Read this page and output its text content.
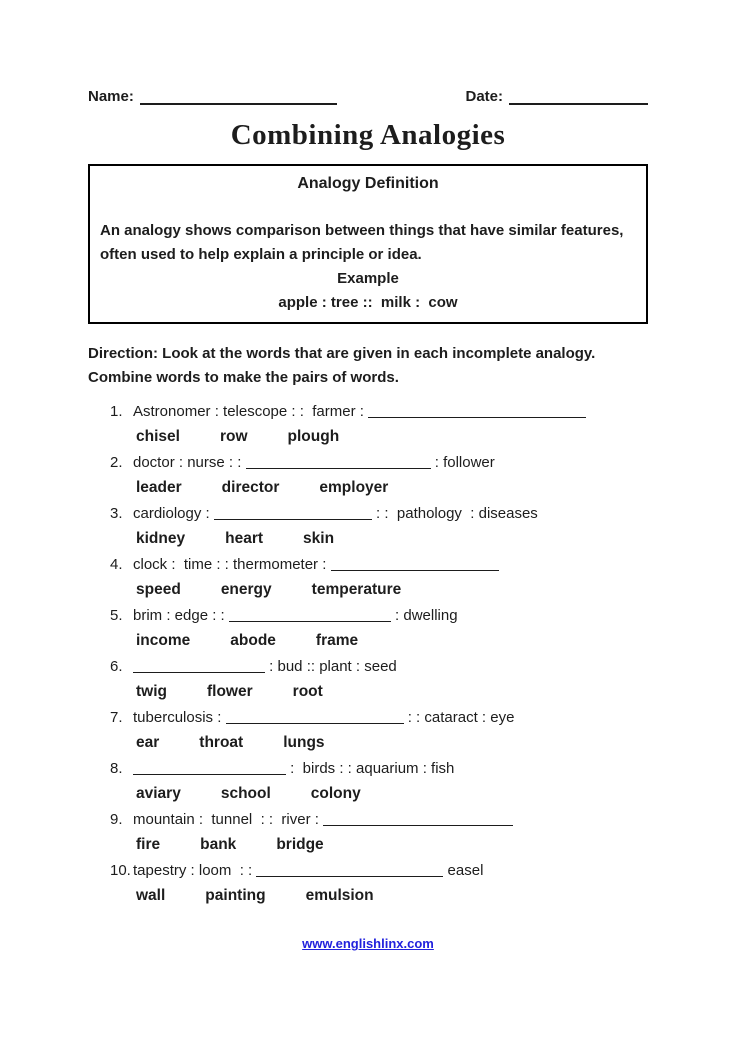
Name:	Date:
Combining Analogies
Analogy Definition
An analogy shows comparison between things that have similar features, often used to help explain a principle or idea.
Example
apple : tree ::  milk :  cow
Direction: Look at the words that are given in each incomplete analogy. Combine words to make the pairs of words.
1. Astronomer : telescope : :  farmer :
chisel	row	plough
2. doctor : nurse : :	: follower
leader	director	employer
3. cardiology :	: :  pathology  : diseases
kidney	heart	skin
4. clock :  time : : thermometer :
speed	energy	temperature
5. brim : edge : :	: dwelling
income	abode	frame
6.	: bud :: plant : seed
twig	flower	root
7. tuberculosis :	: : cataract : eye
ear	throat	lungs
8.	:  birds : : aquarium : fish
aviary	school	colony
9. mountain :  tunnel  : :  river :
fire	bank	bridge
10. tapestry : loom  : :	easel
wall	painting	emulsion
www.englishlinx.com
